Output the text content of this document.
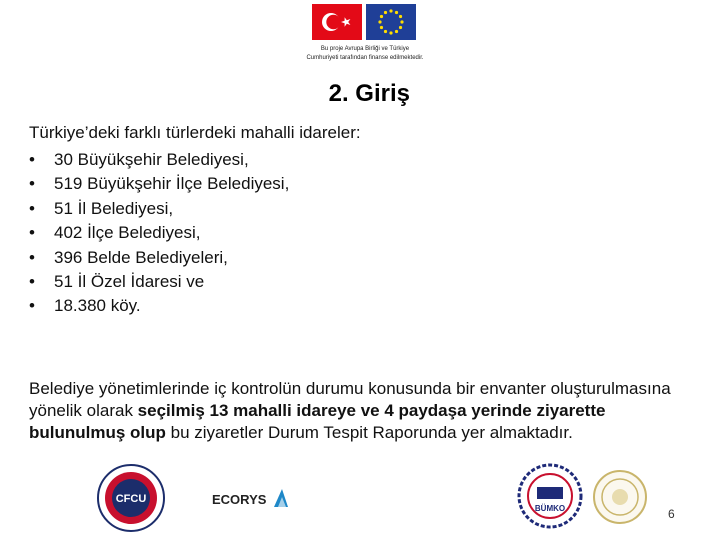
Bu proje Avrupa Birliği ve Türkiye
Cumhuriyeti tarafından finanse edilmektedir.
2. Giriş
Türkiye’deki farklı türlerdeki mahalli idareler:
•	30 Büyükşehir Belediyesi,
•	519 Büyükşehir İlçe Belediyesi,
•	51 İl Belediyesi,
•	402 İlçe Belediyesi,
•	396 Belde Belediyeleri,
•	51 İl Özel İdaresi ve
•	18.380 köy.

Belediye yönetimlerinde iç kontrolün durumu konusunda bir envanter oluşturulmasına yönelik olarak seçilmiş 13 mahalli idareye ve 4 paydaşa yerinde ziyarette bulunulmuş olup bu ziyaretler Durum Tespit Raporunda yer almaktadır.

CFCU	ECORYS
BÜMKO	6
